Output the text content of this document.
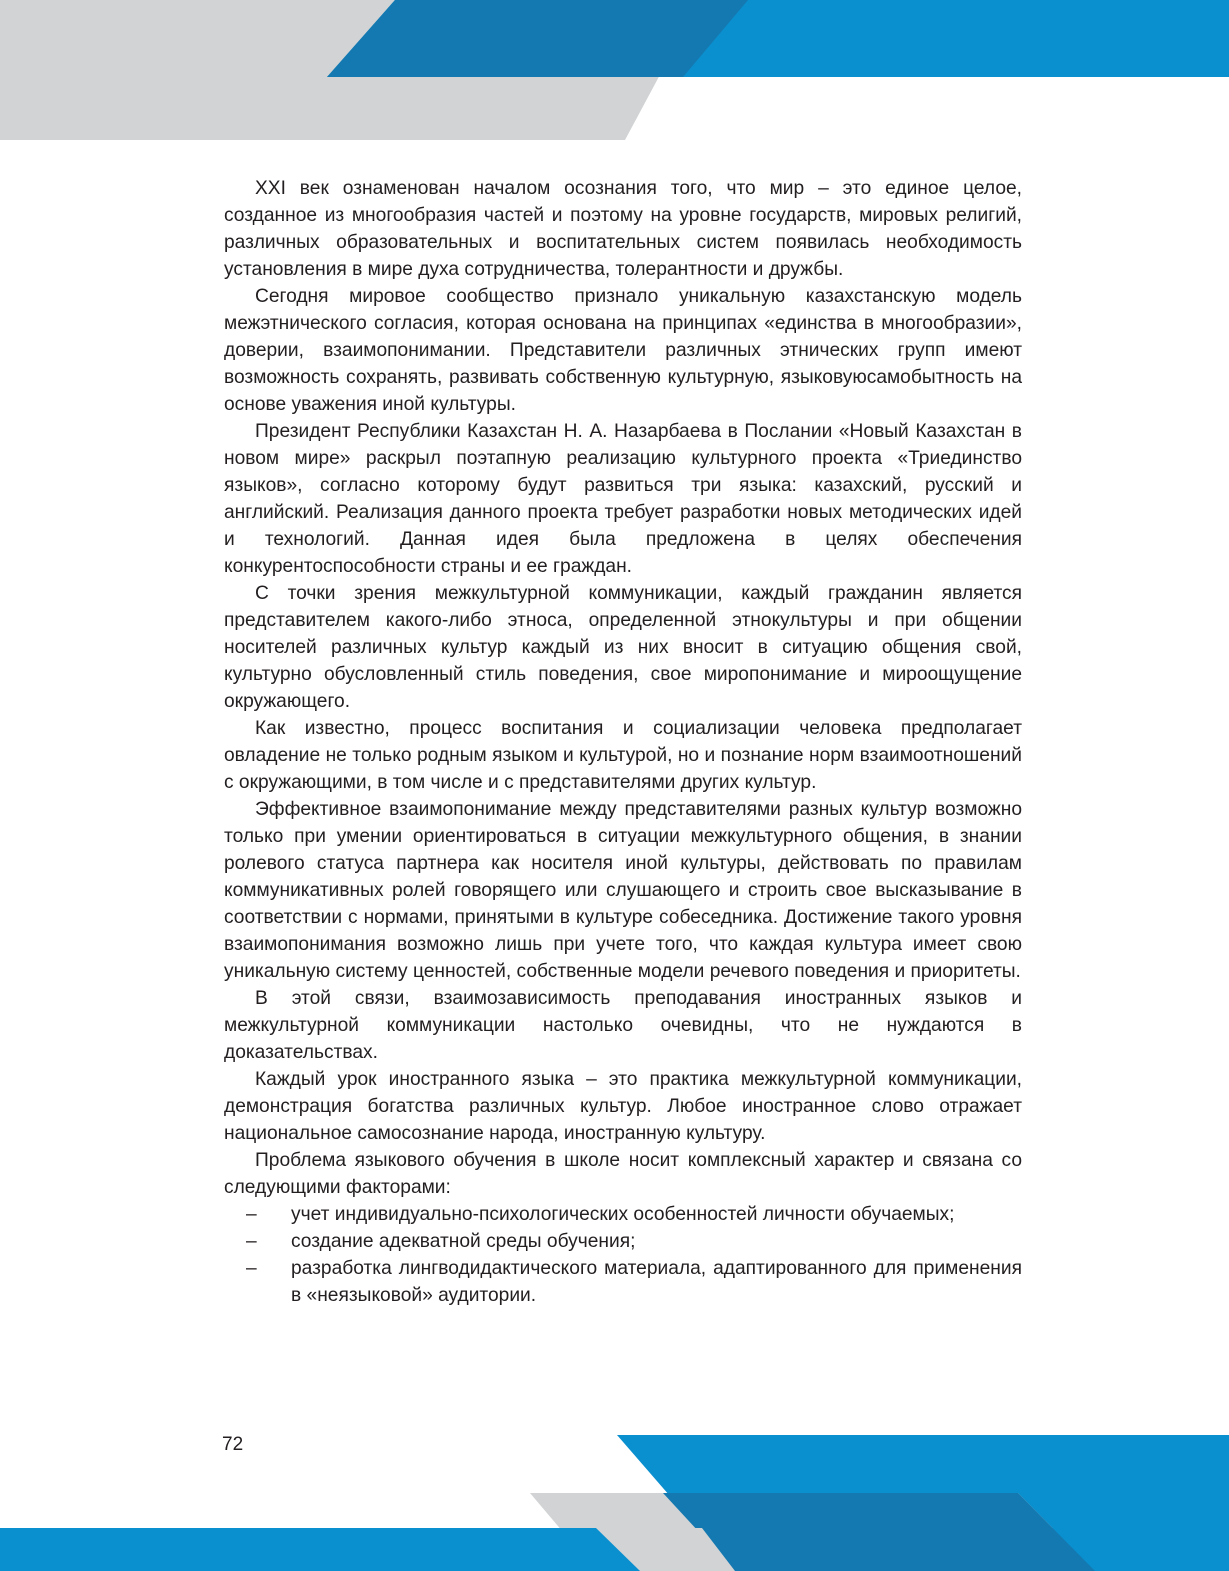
XXI век ознаменован началом осознания того, что мир – это единое целое, созданное из многообразия частей и поэтому на уровне государств, мировых религий, различных образовательных и воспитательных систем появилась необходимость установления в мире духа сотрудничества, толерантности и дружбы.

Сегодня мировое сообщество признало уникальную казахстанскую модель межэтнического согласия, которая основана на принципах «единства в многообразии», доверии, взаимопонимании. Представители различных этнических групп имеют возможность сохранять, развивать собственную культурную, языковуюсамобытность на основе уважения иной культуры.

Президент Республики Казахстан Н. А. Назарбаева в Послании «Новый Казахстан в новом мире» раскрыл поэтапную реализацию культурного проекта «Триединство языков», согласно которому будут развиться три языка: казахский, русский и английский. Реализация данного проекта требует разработки новых методических идей и технологий. Данная идея была предложена в целях обеспечения конкурентоспособности страны и ее граждан.

С точки зрения межкультурной коммуникации, каждый гражданин является представителем какого-либо этноса, определенной этнокультуры и при общении носителей различных культур каждый из них вносит в ситуацию общения свой, культурно обусловленный стиль поведения, свое миропонимание и мироощущение окружающего.

Как известно, процесс воспитания и социализации человека предполагает овладение не только родным языком и культурой, но и познание норм взаимоотношений с окружающими, в том числе и с представителями других культур.

Эффективное взаимопонимание между представителями разных культур возможно только при умении ориентироваться в ситуации межкультурного общения, в знании ролевого статуса партнера как носителя иной культуры, действовать по правилам коммуникативных ролей говорящего или слушающего и строить свое высказывание в соответствии с нормами, принятыми в культуре собеседника. Достижение такого уровня взаимопонимания возможно лишь при учете того, что каждая культура имеет свою уникальную систему ценностей, собственные модели речевого поведения и приоритеты.

В этой связи, взаимозависимость преподавания иностранных языков и межкультурной коммуникации настолько очевидны, что не нуждаются в доказательствах.

Каждый урок иностранного языка – это практика межкультурной коммуникации, демонстрация богатства различных культур. Любое иностранное слово отражает национальное самосознание народа, иностранную культуру.

Проблема языкового обучения в школе носит комплексный характер и связана со следующими факторами:

– учет индивидуально-психологических особенностей личности обучаемых;
– создание адекватной среды обучения;
– разработка лингводидактического материала, адаптированного для применения в «неязыковой» аудитории.
72
